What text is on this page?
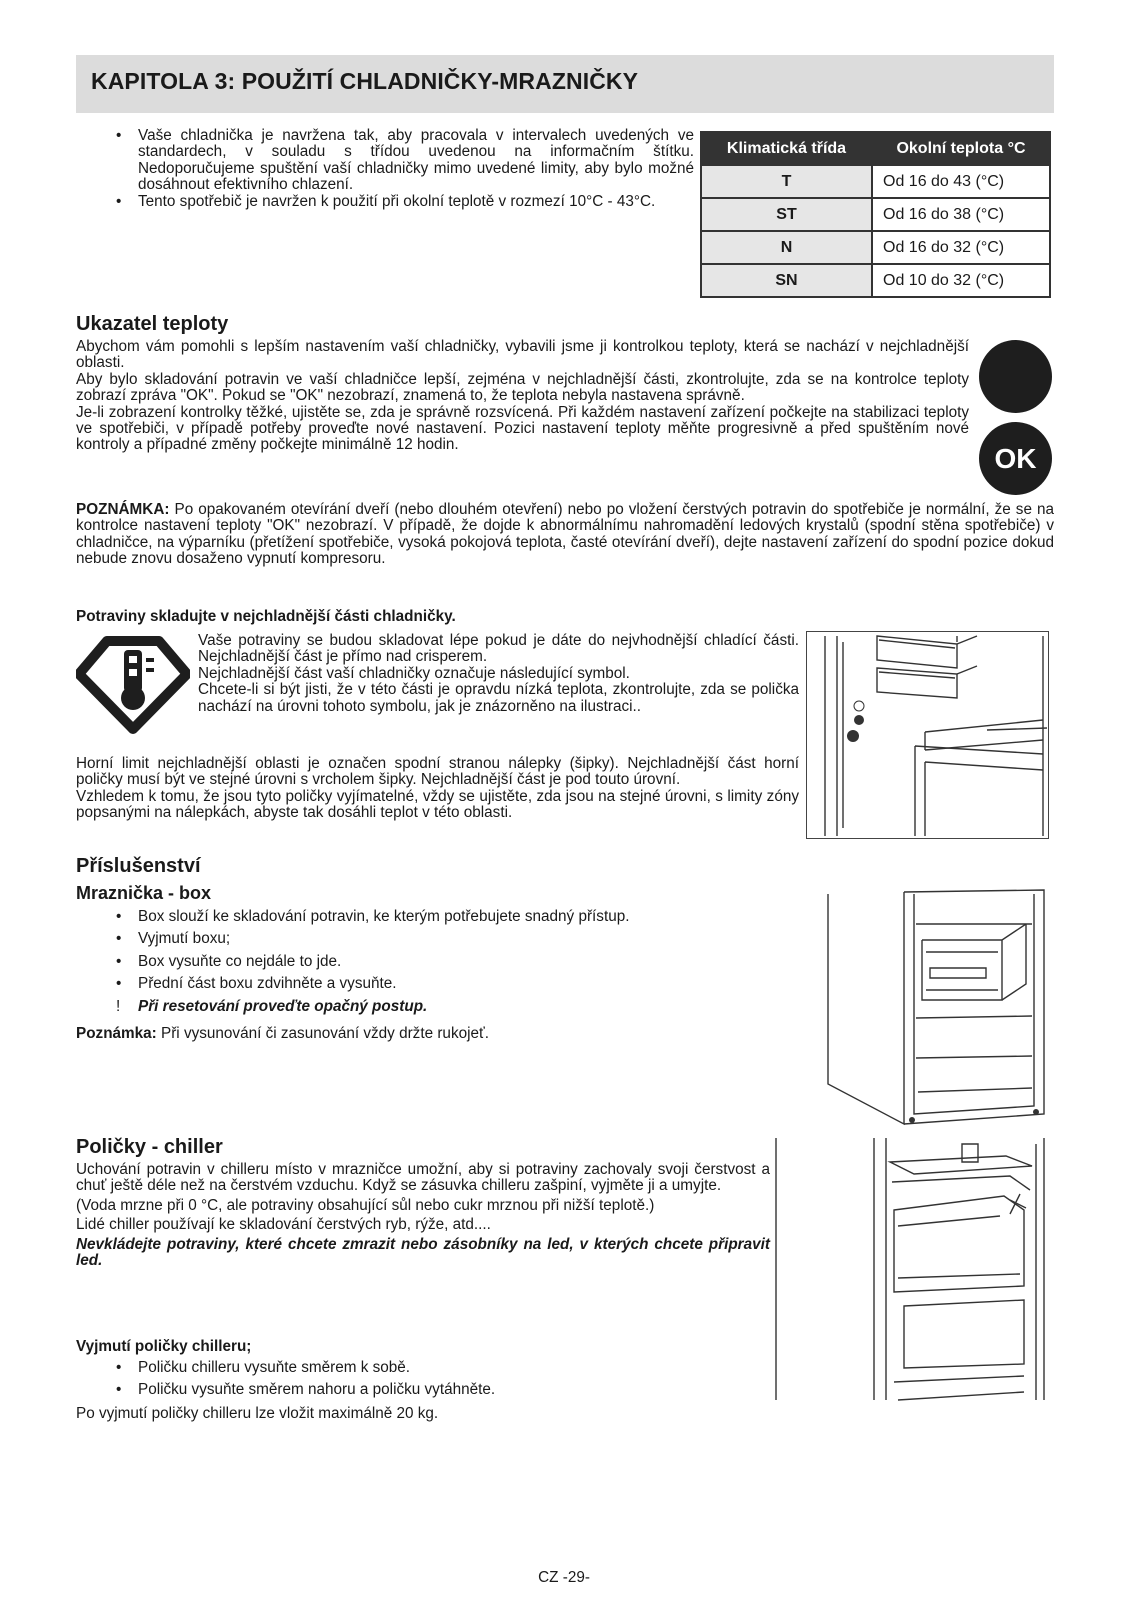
KAPITOLA 3: POUŽITÍ CHLADNIČKY-MRAZNIČKY
• Vaše chladnička je navržena tak, aby pracovala v intervalech uvedených ve standardech, v souladu s třídou uvedenou na informačním štítku. Nedoporučujeme spuštění vaší chladničky mimo uvedené limity, aby bylo možné dosáhnout efektivního chlazení.
• Tento spotřebič je navržen k použití při okolní teplotě v rozmezí 10°C - 43°C.
Klimatická třída	Okolní teplota °C
T	Od 16 do 43 (°C)
ST	Od 16 do 38 (°C)
N	Od 16 do 32 (°C)
SN	Od 10 do 32 (°C)
Ukazatel teploty

Abychom vám pomohli s lepším nastavením vaší chladničky, vybavili jsme ji kontrolkou teploty, která se nachází v nejchladnější oblasti.

Aby bylo skladování potravin ve vaší chladničce lepší, zejména v nejchladnější části, zkontrolujte, zda se na kontrolce teploty zobrazí zpráva "OK". Pokud se "OK" nezobrazí, znamená to, že teplota nebyla nastavena správně.

Je-li zobrazení kontrolky těžké, ujistěte se, zda je správně rozsvícená. Při každém nastavení zařízení počkejte na stabilizaci teploty ve spotřebiči, v případě potřeby proveďte nové nastavení. Pozici nastavení teploty měňte progresivně a před spuštěním nové kontroly a případné změny počkejte minimálně 12 hodin.	OK

POZNÁMKA: Po opakovaném otevírání dveří (nebo dlouhém otevření) nebo po vložení čerstvých potravin do spotřebiče je normální, že se na kontrolce nastavení teploty "OK" nezobrazí. V případě, že dojde k abnormálnímu nahromadění ledových krystalů (spodní stěna spotřebiče) v chladničce, na výparníku (přetížení spotřebiče, vysoká pokojová teplota, časté otevírání dveří), dejte nastavení zařízení do spodní pozice dokud nebude znovu dosaženo vypnutí kompresoru.

Potraviny skladujte v nejchladnější části chladničky.

Vaše potraviny se budou skladovat lépe pokud je dáte do nejvhodnější chladící části. Nejchladnější část je přímo nad crisperem.

Nejchladnější část vaší chladničky označuje následující symbol.

Chcete-li si být jisti, že v této části je opravdu nízká teplota, zkontrolujte, zda se polička nachází na úrovni tohoto symbolu, jak je znázorněno na ilustraci..

Horní limit nejchladnější oblasti je označen spodní stranou nálepky (šipky). Nejchladnější část horní poličky musí být ve stejné úrovni s vrcholem šipky. Nejchladnější část je pod touto úrovní.

Vzhledem k tomu, že jsou tyto poličky vyjímatelné, vždy se ujistěte, zda jsou na stejné úrovni, s limity zóny popsanými na nálepkách, abyste tak dosáhli teplot v této oblasti.

Příslušenství
Mraznička - box
• Box slouží ke skladování potravin, ke kterým potřebujete snadný přístup.
• Vyjmutí boxu;
• Box vysuňte co nejdále to jde.
• Přední část boxu zdvihněte a vysuňte.
! Při resetování proveďte opačný postup.

Poznámka: Při vysunování či zasunování vždy držte rukojeť.

Poličky - chiller

Uchování potravin v chilleru místo v mrazničce umožní, aby si potraviny zachovaly svoji čerstvost a chuť ještě déle než na čerstvém vzduchu. Když se zásuvka chilleru zašpiní, vyjměte ji a umyjte.

(Voda mrzne při 0 °C, ale potraviny obsahující sůl nebo cukr mrznou při nižší teplotě.)

Lidé chiller používají ke skladování čerstvých ryb, rýže, atd....

Nevkládejte potraviny, které chcete zmrazit nebo zásobníky na led, v kterých chcete připravit led.

Vyjmutí poličky chilleru;
• Poličku chilleru vysuňte směrem k sobě.
• Poličku vysuňte směrem nahoru a poličku vytáhněte.

Po vyjmutí poličky chilleru lze vložit maximálně 20 kg.

CZ -29-
